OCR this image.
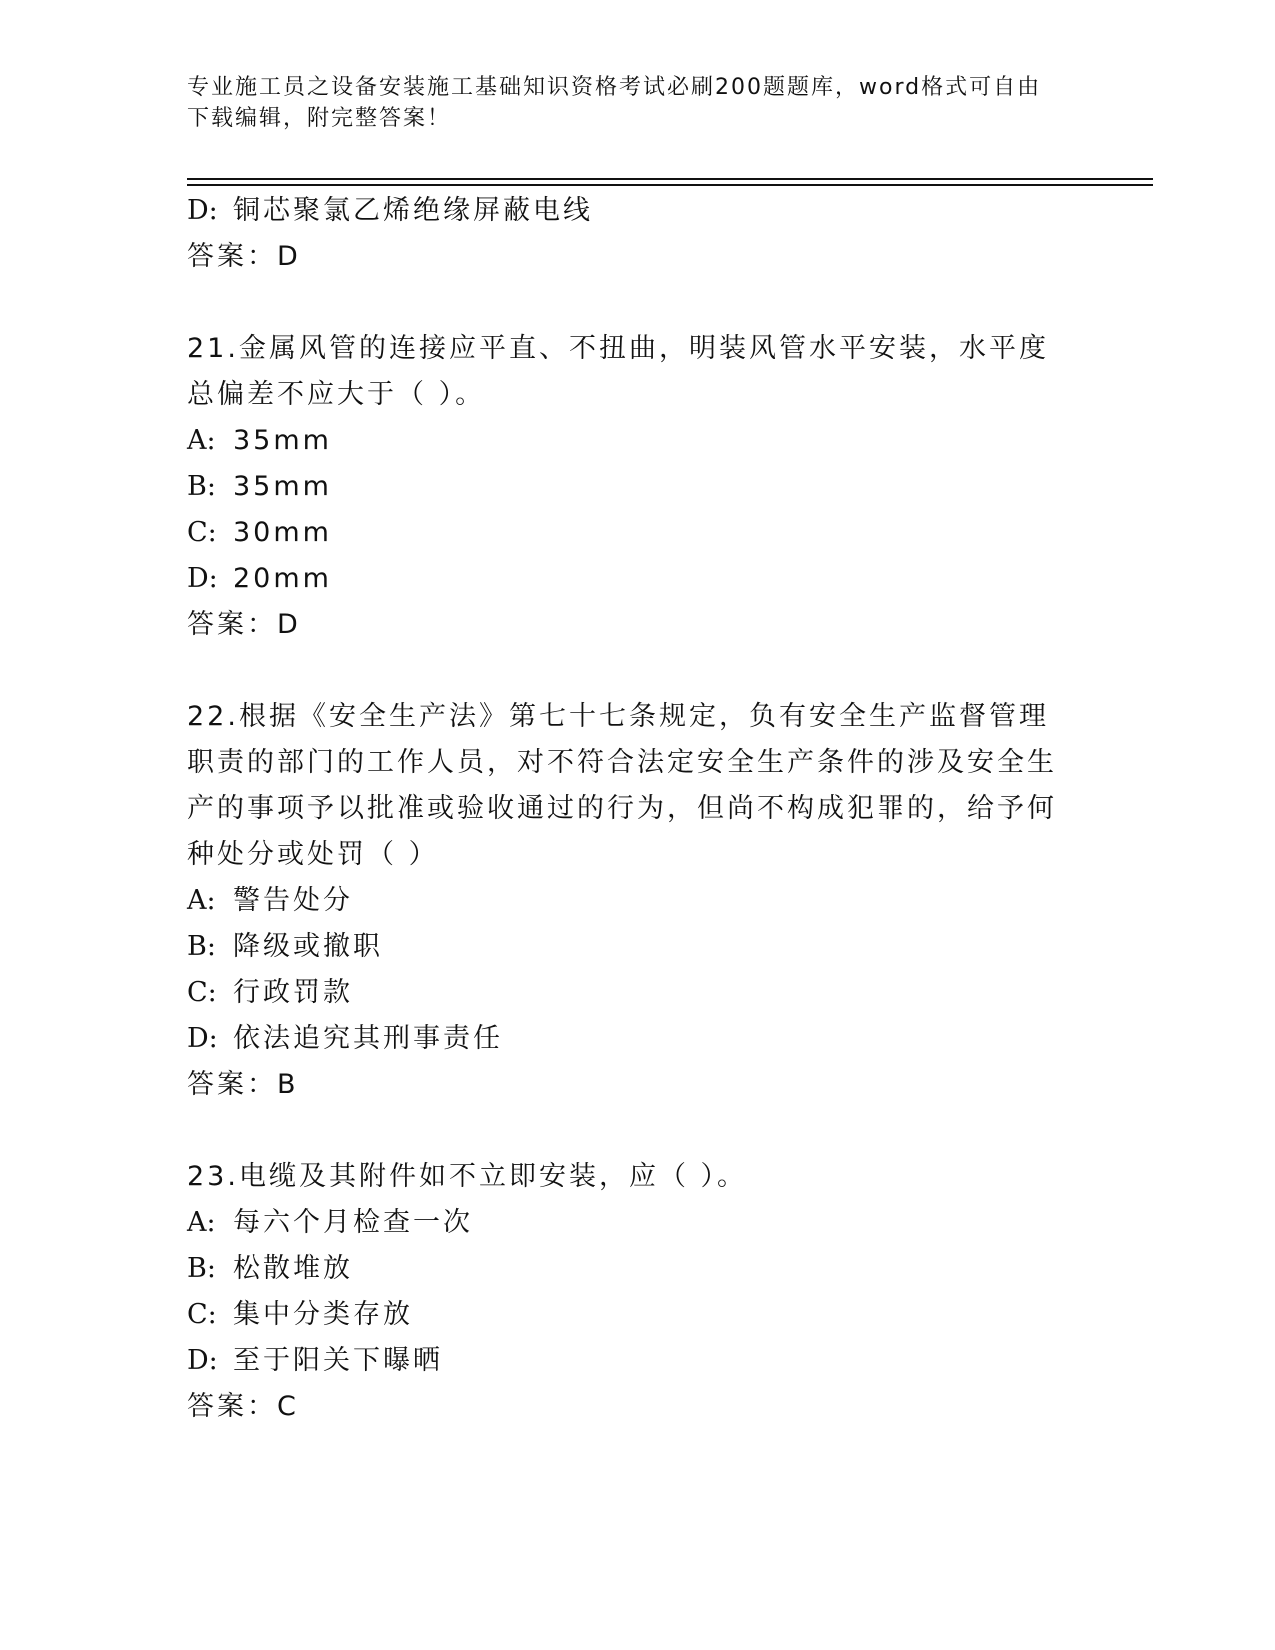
专业施工员之设备安装施工基础知识资格考试必刷200题题库，word格式可自由
下载编辑，附完整答案！
D: 铜芯聚氯乙烯绝缘屏蔽电线
答案：D
21.金属风管的连接应平直、不扭曲，明装风管水平安装，水平度总偏差不应大于（ ）。
A: 35mm
B: 35mm
C: 30mm
D: 20mm
答案：D
22.根据《安全生产法》第七十七条规定，负有安全生产监督管理职责的部门的工作人员，对不符合法定安全生产条件的涉及安全生产的事项予以批准或验收通过的行为，但尚不构成犯罪的，给予何种处分或处罚（ ）
A: 警告处分
B: 降级或撤职
C: 行政罚款
D: 依法追究其刑事责任
答案：B
23.电缆及其附件如不立即安装，应（ ）。
A: 每六个月检查一次
B: 松散堆放
C: 集中分类存放
D: 至于阳关下曝晒
答案：C
